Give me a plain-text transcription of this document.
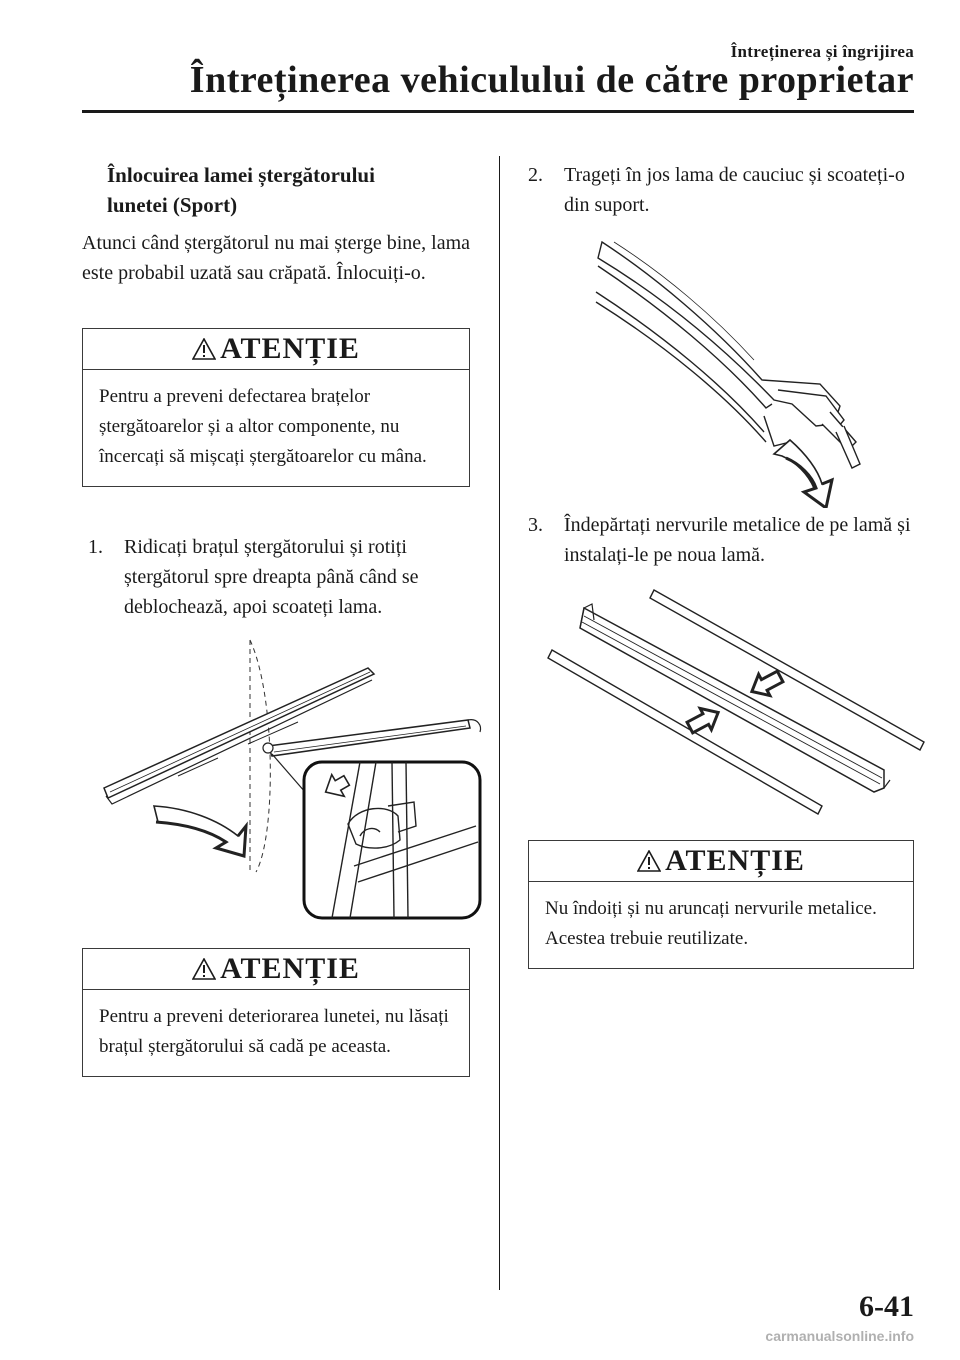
Întreținerea și îngrijirea
Întreținerea vehiculului de către proprietar
Înlocuirea lamei ștergătorului
lunetei (Sport)
Atunci când ștergătorul nu mai șterge bine, lama este probabil uzată sau crăpată. Înlocuiți-o.
ATENȚIE
Pentru a preveni defectarea brațelor ștergătoarelor și a altor componente, nu încercați să mișcați ștergătoarelor cu mâna.
1. Ridicați brațul ștergătorului și rotiți ștergătorul spre dreapta până când se deblochează, apoi scoateți lama.
ATENȚIE
Pentru a preveni deteriorarea lunetei, nu lăsați brațul ștergătorului să cadă pe aceasta.
2. Trageți în jos lama de cauciuc și scoateți-o din suport.
3. Îndepărtați nervurile metalice de pe lamă și instalați-le pe noua lamă.
ATENȚIE
Nu îndoiți și nu aruncați nervurile metalice. Acestea trebuie reutilizate.
6-41
carmanualsonline.info
